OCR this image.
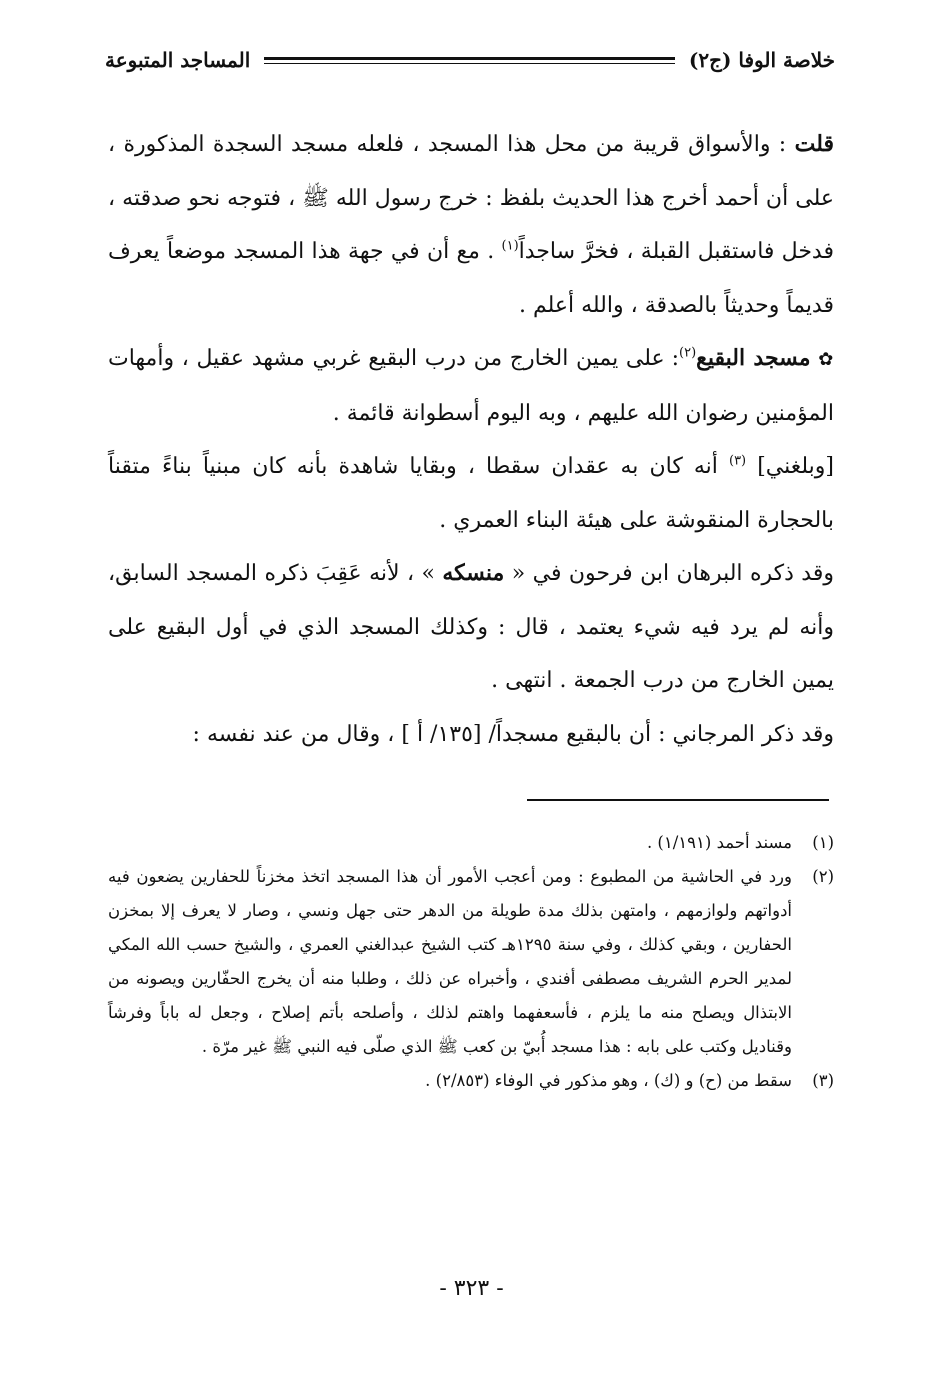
خلاصة الوفا (ج٢)
المساجد المتبوعة

قلت : والأسواق قريبة من محل هذا المسجد ، فلعله مسجد السجدة المذكورة ، على أن أحمد أخرج هذا الحديث بلفظ : خرج رسول الله ﷺ ، فتوجه نحو صدقته ، فدخل فاستقبل القبلة ، فخرَّ ساجداً$^{(١)}$ . مع أن في جهة هذا المسجد موضعاً يعرف قديماً وحديثاً بالصدقة ، والله أعلم .

✿ مسجد البقيع$^{(٢)}$: على يمين الخارج من درب البقيع غربي مشهد عقيل ، وأمهات المؤمنين رضوان الله عليهم ، وبه اليوم أسطوانة قائمة .

[وبلغني] $^{(٣)}$ أنه كان به عقدان سقطا ، وبقايا شاهدة بأنه كان مبنياً بناءً متقناً بالحجارة المنقوشة على هيئة البناء العمري .

وقد ذكره البرهان ابن فرحون في « منسكه » ، لأنه عَقِبَ ذكره المسجد السابق، وأنه لم يرد فيه شيء يعتمد ، قال : وكذلك المسجد الذي في أول البقيع على يمين الخارج من درب الجمعة . انتهى .

وقد ذكر المرجاني : أن بالبقيع مسجداً/ [١٣٥/ أ ] ، وقال من عند نفسه :

(١)
مسند أحمد (١/١٩١) .
(٢)
ورد في الحاشية من المطبوع : ومن أعجب الأمور أن هذا المسجد اتخذ مخزناً للحفارين يضعون فيه أدواتهم ولوازمهم ، وامتهن بذلك مدة طويلة من الدهر حتى جهل ونسي ، وصار لا يعرف إلا بمخزن الحفارين ، وبقي كذلك ، وفي سنة ١٢٩٥هـ كتب الشيخ عبدالغني العمري ، والشيخ حسب الله المكي لمدير الحرم الشريف مصطفى أفندي ، وأخبراه عن ذلك ، وطلبا منه أن يخرج الحفّارين ويصونه من الابتذال ويصلح منه ما يلزم ، فأسعفهما واهتم لذلك ، وأصلحه بأتم إصلاح ، وجعل له باباً وفرشاً وقناديل وكتب على بابه : هذا مسجد أُبيّ بن كعب ﷺ الذي صلّى فيه النبي ﷺ غير مرّة .
(٣)
سقط من (ح) و (ك) ، وهو مذكور في الوفاء (٢/٨٥٣) .
- ٣٢٣ -
